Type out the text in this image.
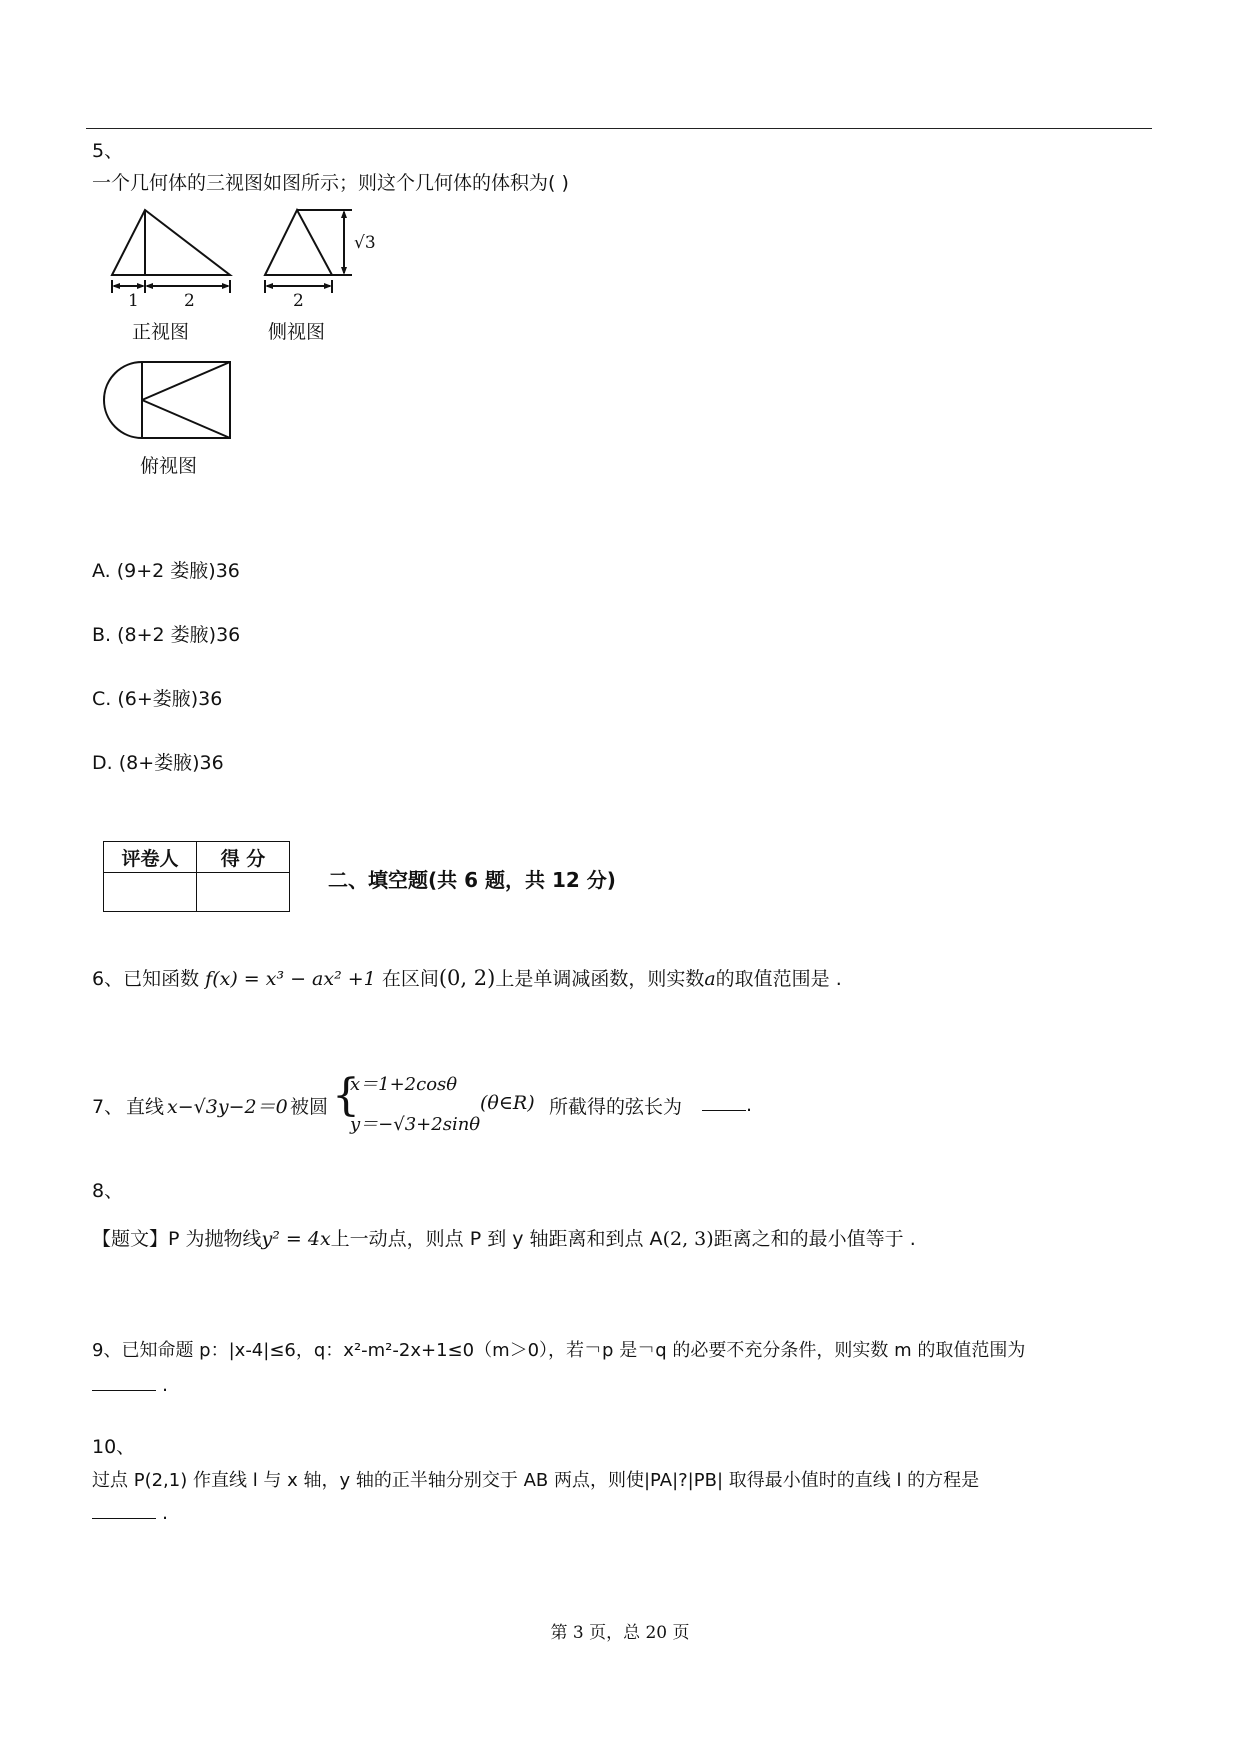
5、
一个几何体的三视图如图所示；则这个几何体的体积为( )
1	2
正视图
√3
2
侧视图
俯视图
A. (9+2 娄腋)36
B. (8+2 娄腋)36
C. (6+娄腋)36
D. (8+娄腋)36
评卷人	得 分

二、填空题(共 6 题，共 12 分)
6、已知函数 f(x) = x³ − ax² +1 在区间(0, 2)上是单调减函数，则实数a的取值范围是 .
7、 直线 x−√3y−2＝0 被圆 {
x＝1+2cosθ
y＝−√3+2sinθ
(θ∈R) 所截得的弦长为	.
8、
【题文】P 为抛物线y² = 4x上一动点，则点 P 到 y 轴距离和到点 A(2, 3)距离之和的最小值等于 .
9、已知命题 p：|x-4|≤6，q：x²-m²-2x+1≤0（m＞0），若￢p 是￢q 的必要不充分条件，则实数 m 的取值范围为
.
10、
过点 P(2,1) 作直线 l 与 x 轴，y 轴的正半轴分别交于 AB 两点，则使|PA|?|PB| 取得最小值时的直线 l 的方程是
.
第 3 页，总 20 页
